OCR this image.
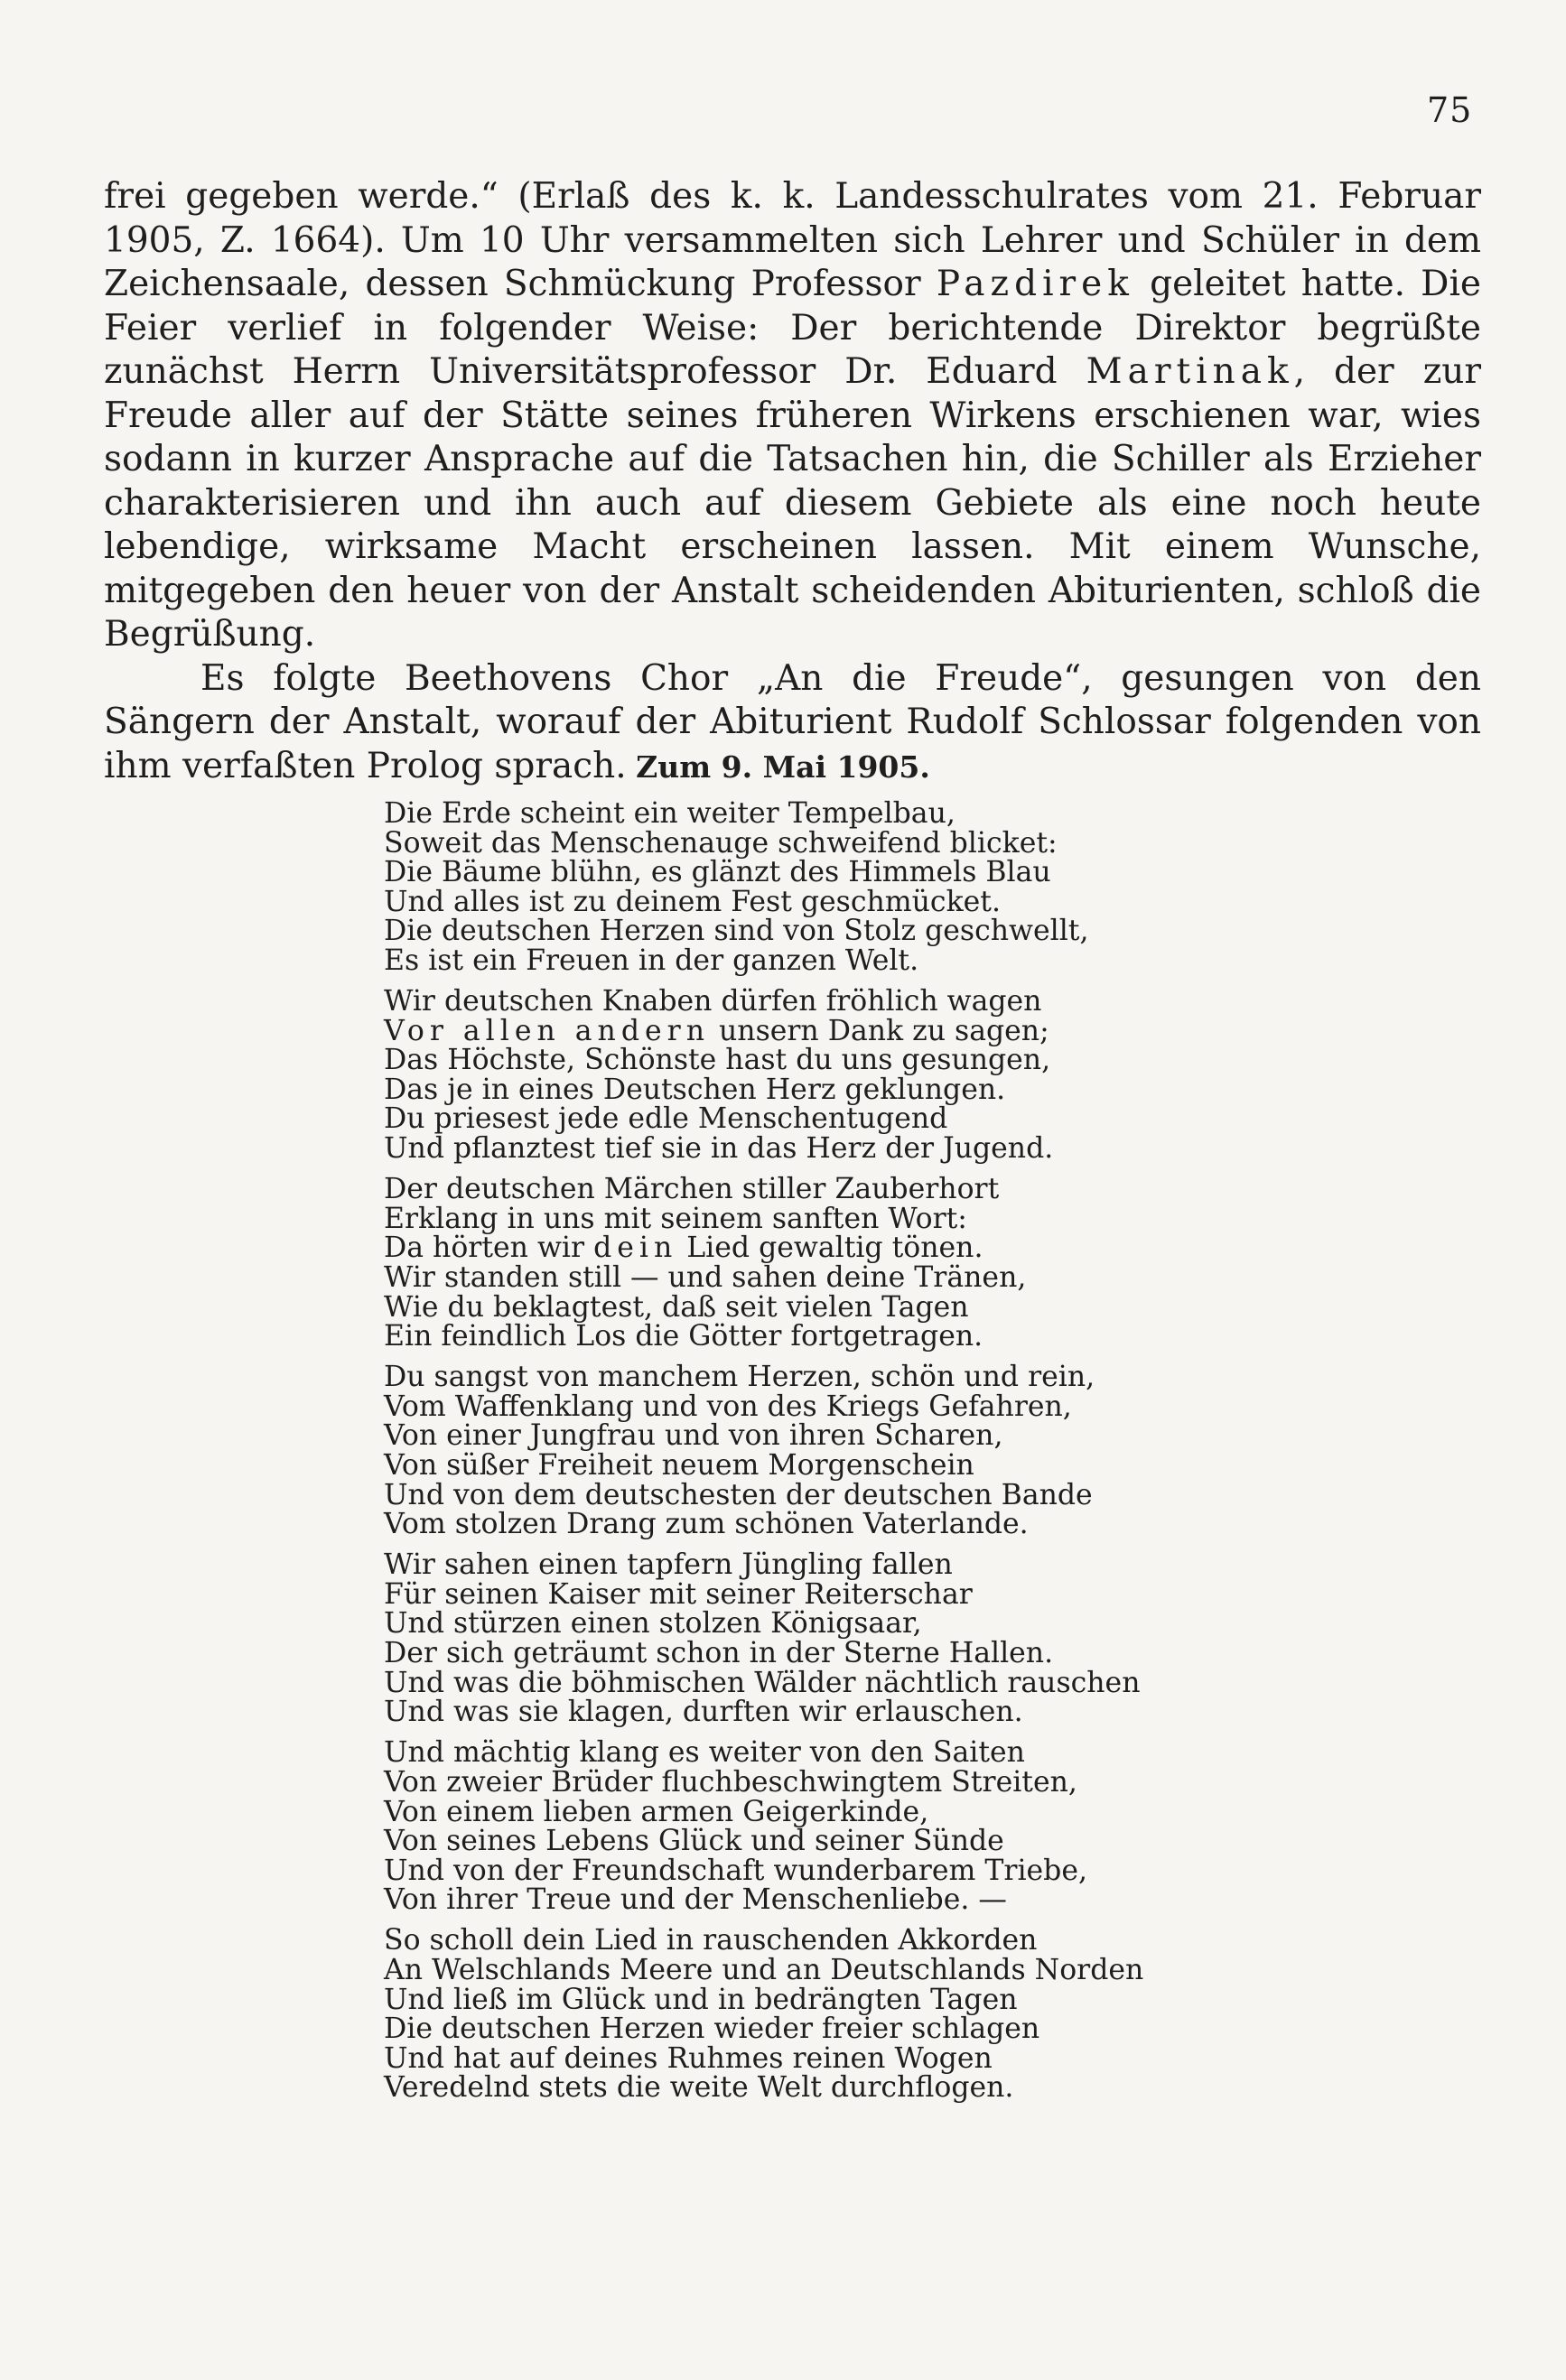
75

frei gegeben werde.“ (Erlaß des k. k. Landesschulrates vom 21. Februar 1905, Z. 1664). Um 10 Uhr versammelten sich Lehrer und Schüler in dem Zeichensaale, dessen Schmückung Professor Pazdirek geleitet hatte. Die Feier verlief in folgender Weise: Der berichtende Direktor begrüßte zunächst Herrn Universitätsprofessor Dr. Eduard Martinak, der zur Freude aller auf der Stätte seines früheren Wirkens erschienen war, wies sodann in kurzer Ansprache auf die Tatsachen hin, die Schiller als Erzieher charakterisieren und ihn auch auf diesem Gebiete als eine noch heute lebendige, wirksame Macht erscheinen lassen. Mit einem Wunsche, mitgegeben den heuer von der Anstalt scheidenden Abiturienten, schloß die Begrüßung.

Es folgte Beethovens Chor „An die Freude“, gesungen von den Sängern der Anstalt, worauf der Abiturient Rudolf Schlossar folgenden von ihm verfaßten Prolog sprach. Zum 9. Mai 1905.
Die Erde scheint ein weiter Tempelbau,
Soweit das Menschenauge schweifend blicket:
Die Bäume blühn, es glänzt des Himmels Blau
Und alles ist zu deinem Fest geschmücket.
Die deutschen Herzen sind von Stolz geschwellt,
Es ist ein Freuen in der ganzen Welt.
Wir deutschen Knaben dürfen fröhlich wagen
Vor allen andern unsern Dank zu sagen;
Das Höchste, Schönste hast du uns gesungen,
Das je in eines Deutschen Herz geklungen.
Du priesest jede edle Menschentugend
Und pflanztest tief sie in das Herz der Jugend.
Der deutschen Märchen stiller Zauberhort
Erklang in uns mit seinem sanften Wort:
Da hörten wir dein Lied gewaltig tönen.
Wir standen still — und sahen deine Tränen,
Wie du beklagtest, daß seit vielen Tagen
Ein feindlich Los die Götter fortgetragen.
Du sangst von manchem Herzen, schön und rein,
Vom Waffenklang und von des Kriegs Gefahren,
Von einer Jungfrau und von ihren Scharen,
Von süßer Freiheit neuem Morgenschein
Und von dem deutschesten der deutschen Bande
Vom stolzen Drang zum schönen Vaterlande.
Wir sahen einen tapfern Jüngling fallen
Für seinen Kaiser mit seiner Reiterschar
Und stürzen einen stolzen Königsaar,
Der sich geträumt schon in der Sterne Hallen.
Und was die böhmischen Wälder nächtlich rauschen
Und was sie klagen, durften wir erlauschen.
Und mächtig klang es weiter von den Saiten
Von zweier Brüder fluchbeschwingtem Streiten,
Von einem lieben armen Geigerkinde,
Von seines Lebens Glück und seiner Sünde
Und von der Freundschaft wunderbarem Triebe,
Von ihrer Treue und der Menschenliebe. —
So scholl dein Lied in rauschenden Akkorden
An Welschlands Meere und an Deutschlands Norden
Und ließ im Glück und in bedrängten Tagen
Die deutschen Herzen wieder freier schlagen
Und hat auf deines Ruhmes reinen Wogen
Veredelnd stets die weite Welt durchflogen.
